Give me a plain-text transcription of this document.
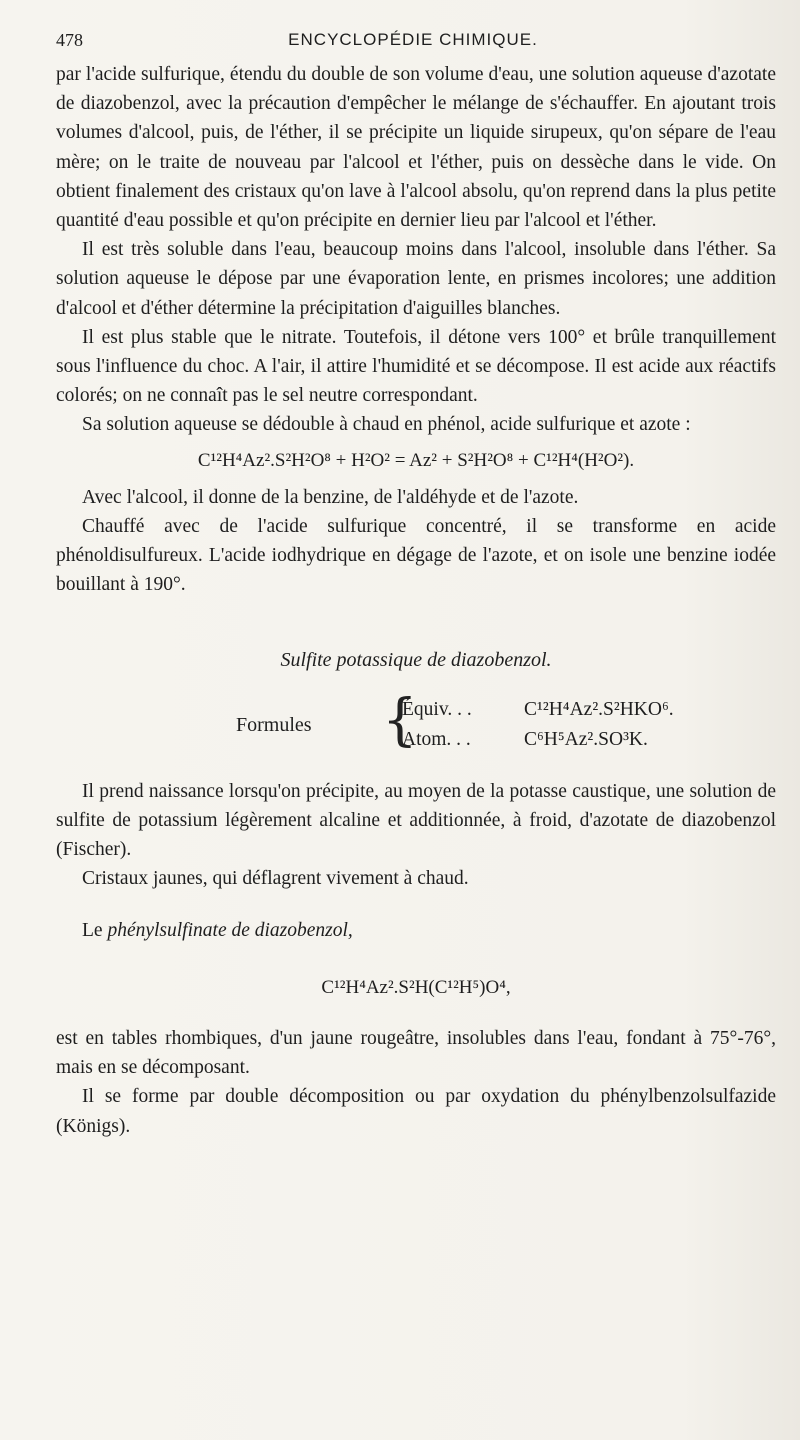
478	ENCYCLOPÉDIE CHIMIQUE.

par l'acide sulfurique, étendu du double de son volume d'eau, une solution aqueuse d'azotate de diazobenzol, avec la précaution d'empêcher le mélange de s'échauffer. En ajoutant trois volumes d'alcool, puis, de l'éther, il se précipite un liquide sirupeux, qu'on sépare de l'eau mère; on le traite de nouveau par l'alcool et l'éther, puis on dessèche dans le vide. On obtient finalement des cristaux qu'on lave à l'alcool absolu, qu'on reprend dans la plus petite quantité d'eau possible et qu'on précipite en dernier lieu par l'alcool et l'éther.

Il est très soluble dans l'eau, beaucoup moins dans l'alcool, insoluble dans l'éther. Sa solution aqueuse le dépose par une évaporation lente, en prismes incolores; une addition d'alcool et d'éther détermine la précipitation d'aiguilles blanches.

Il est plus stable que le nitrate. Toutefois, il détone vers 100° et brûle tranquillement sous l'influence du choc. A l'air, il attire l'humidité et se décompose. Il est acide aux réactifs colorés; on ne connaît pas le sel neutre correspondant.

Sa solution aqueuse se dédouble à chaud en phénol, acide sulfurique et azote :

C¹²H⁴Az².S²H²O⁸ + H²O² = Az² + S²H²O⁸ + C¹²H⁴(H²O²).

Avec l'alcool, il donne de la benzine, de l'aldéhyde et de l'azote.

Chauffé avec de l'acide sulfurique concentré, il se transforme en acide phénoldisulfureux. L'acide iodhydrique en dégage de l'azote, et on isole une benzine iodée bouillant à 190°.

Sulfite potassique de diazobenzol.
Formules {
Équiv. . .	C¹²H⁴Az².S²HKO⁶.
Atom. . .	C⁶H⁵Az².SO³K.

Il prend naissance lorsqu'on précipite, au moyen de la potasse caustique, une solution de sulfite de potassium légèrement alcaline et additionnée, à froid, d'azotate de diazobenzol (Fischer).

Cristaux jaunes, qui déflagrent vivement à chaud.

Le phénylsulfinate de diazobenzol,

C¹²H⁴Az².S²H(C¹²H⁵)O⁴,

est en tables rhombiques, d'un jaune rougeâtre, insolubles dans l'eau, fondant à 75°-76°, mais en se décomposant.

Il se forme par double décomposition ou par oxydation du phénylbenzolsulfazide (Königs).
